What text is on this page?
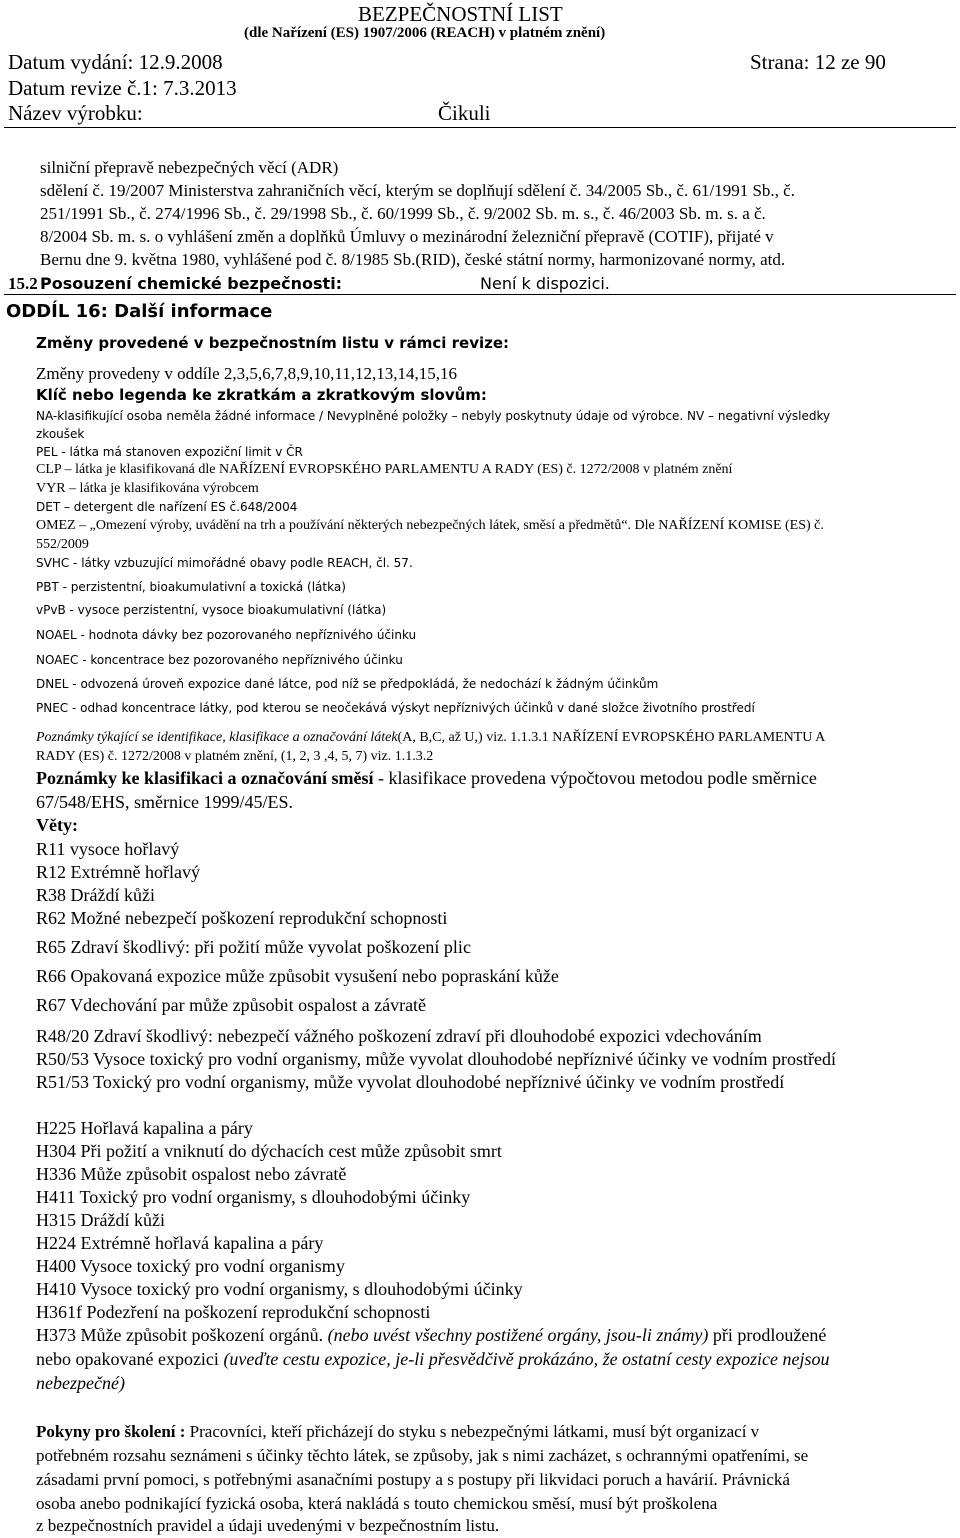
BEZPEČNOSTNÍ LIST
(dle Nařízení (ES) 1907/2006 (REACH) v platném znění)
Datum vydání: 12.9.2008	Strana: 12 ze 90
Datum revize č.1: 7.3.2013
Název výrobku:	Čikuli
silniční přepravě nebezpečných věcí (ADR)
sdělení č. 19/2007 Ministerstva zahraničních věcí, kterým se doplňují sdělení č. 34/2005 Sb., č. 61/1991 Sb., č.
251/1991 Sb., č. 274/1996 Sb., č. 29/1998 Sb., č. 60/1999 Sb., č. 9/2002 Sb. m. s., č. 46/2003 Sb. m. s. a č.
8/2004 Sb. m. s. o vyhlášení změn a doplňků Úmluvy o mezinárodní železniční přepravě (COTIF), přijaté v
Bernu dne 9. května 1980, vyhlášené pod č. 8/1985 Sb.(RID), české státní normy, harmonizované normy, atd.
15.2 Posouzení chemické bezpečnosti:	Není k dispozici.
ODDÍL 16: Další informace
Změny provedené v bezpečnostním listu v rámci revize:
Změny provedeny v oddíle 2,3,5,6,7,8,9,10,11,12,13,14,15,16
Klíč nebo legenda ke zkratkám a zkratkovým slovům:
NA-klasifikující osoba neměla žádné informace / Nevyplněné položky – nebyly poskytnuty údaje od výrobce. NV – negativní výsledky
zkoušek
PEL - látka má stanoven expoziční limit v ČR
CLP – látka je klasifikovaná dle NAŘÍZENÍ EVROPSKÉHO PARLAMENTU A RADY (ES) č. 1272/2008 v platném znění
VYR – látka je klasifikována výrobcem
DET – detergent dle nařízení ES č.648/2004
OMEZ – „Omezení výroby, uvádění na trh a používání některých nebezpečných látek, směsí a předmětů“. Dle NAŘÍZENÍ KOMISE (ES) č.
552/2009
SVHC - látky vzbuzující mimořádné obavy podle REACH, čl. 57.
PBT - perzistentní, bioakumulativní a toxická (látka)
vPvB - vysoce perzistentní, vysoce bioakumulativní (látka)
NOAEL - hodnota dávky bez pozorovaného nepříznivého účinku
NOAEC - koncentrace bez pozorovaného nepříznivého účinku
DNEL - odvozená úroveň expozice dané látce, pod níž se předpokládá, že nedochází k žádným účinkům
PNEC - odhad koncentrace látky, pod kterou se neočekává výskyt nepříznivých účinků v dané složce životního prostředí
Poznámky týkající se identifikace, klasifikace a označování látek(A, B,C, až U,) viz. 1.1.3.1 NAŘÍZENÍ EVROPSKÉHO PARLAMENTU A
RADY (ES) č. 1272/2008 v platném znění, (1, 2, 3 ,4, 5, 7) viz. 1.1.3.2
Poznámky ke klasifikaci a označování směsí - klasifikace provedena výpočtovou metodou podle směrnice
67/548/EHS, směrnice 1999/45/ES.
Věty:
R11 vysoce hořlavý
R12 Extrémně hořlavý
R38 Dráždí kůži
R62 Možné nebezpečí poškození reprodukční schopnosti
R65 Zdraví škodlivý: při požití může vyvolat poškození plic
R66 Opakovaná expozice může způsobit vysušení nebo popraskání kůže
R67 Vdechování par může způsobit ospalost a závratě
R48/20 Zdraví škodlivý: nebezpečí vážného poškození zdraví při dlouhodobé expozici vdechováním
R50/53 Vysoce toxický pro vodní organismy, může vyvolat dlouhodobé nepříznivé účinky ve vodním prostředí
R51/53 Toxický pro vodní organismy, může vyvolat dlouhodobé nepříznivé účinky ve vodním prostředí
H225 Hořlavá kapalina a páry
H304 Při požití a vniknutí do dýchacích cest může způsobit smrt
H336 Může způsobit ospalost nebo závratě
H411 Toxický pro vodní organismy, s dlouhodobými účinky
H315 Dráždí kůži
H224 Extrémně hořlavá kapalina a páry
H400 Vysoce toxický pro vodní organismy
H410 Vysoce toxický pro vodní organismy, s dlouhodobými účinky
H361f Podezření na poškození reprodukční schopnosti
H373 Může způsobit poškození orgánů. (nebo uvést všechny postižené orgány, jsou-li známy) při prodloužené
nebo opakované expozici (uveďte cestu expozice, je-li přesvědčivě prokázáno, že ostatní cesty expozice nejsou
nebezpečné)
Pokyny pro školení : Pracovníci, kteří přicházejí do styku s nebezpečnými látkami, musí být organizací v
potřebném rozsahu seznámeni s účinky těchto látek, se způsoby, jak s nimi zacházet, s ochrannými opatřeními, se
zásadami první pomoci, s potřebnými asanačními postupy a s postupy při likvidaci poruch a havárií. Právnická
osoba anebo podnikající fyzická osoba, která nakládá s touto chemickou směsí, musí být proškolena
z bezpečnostních pravidel a údaji uvedenými v bezpečnostním listu.
